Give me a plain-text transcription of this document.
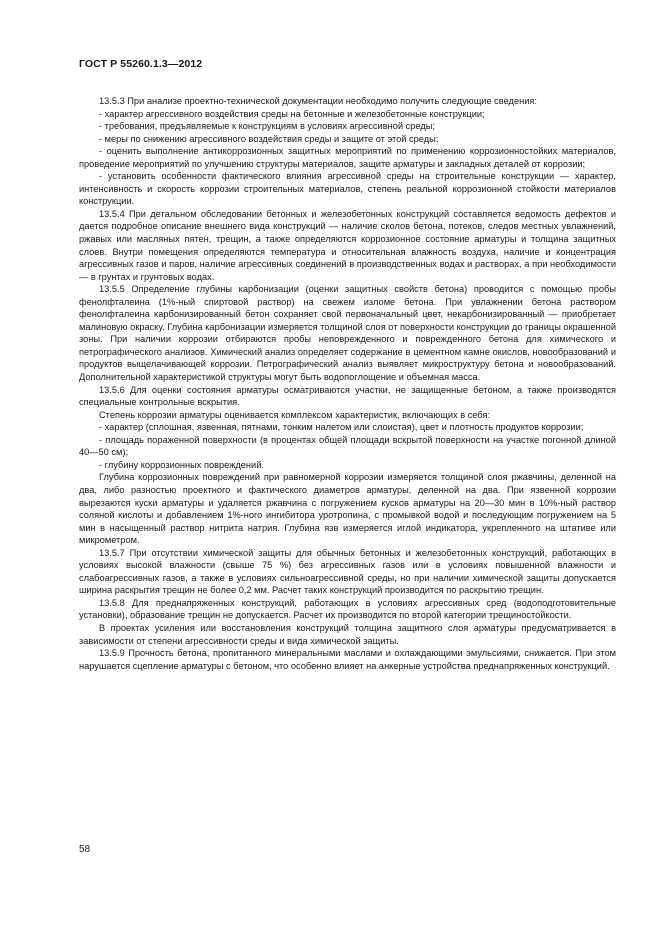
ГОСТ Р 55260.1.3—2012

13.5.3 При анализе проектно-технической документации необходимо получить следующие сведения:

- характер агрессивного воздействия среды на бетонные и железобетонные конструкции;

- требования, предъявляемые к конструкциям в условиях агрессивной среды;

- меры по снижению агрессивного воздействия среды и защите от этой среды;

- оценить выполнение антикоррозионных защитных мероприятий по применению коррозионностойких материалов, проведение мероприятий по улучшению структуры материалов, защите арматуры и закладных деталей от коррозии;

- установить особенности фактического влияния агрессивной среды на строительные конструкции — характер, интенсивность и скорость коррозии строительных материалов, степень реальной коррозионной стойкости материалов конструкции.

13.5.4 При детальном обследовании бетонных и железобетонных конструкций составляется ведомость дефектов и дается подробное описание внешнего вида конструкций — наличие сколов бетона, потеков, следов местных увлажнений, ржавых или масляных пятен, трещин, а также определяются коррозионное состояние арматуры и толщина защитных слоев. Внутри помещения определяются температура и относительная влажность воздуха, наличие и концентрация агрессивных газов и паров, наличие агрессивных соединений в производственных водах и растворах, а при необходимости — в грунтах и грунтовых водах.

13.5.5 Определение глубины карбонизации (оценки защитных свойств бетона) проводится с помощью пробы фенолфталеина (1%-ный спиртовой раствор) на свежем изломе бетона. При увлажнении бетона раствором фенолфталеина карбонизированный бетон сохраняет свой первоначальный цвет, некарбонизированный — приобретает малиновую окраску. Глубина карбонизации измеряется толщиной слоя от поверхности конструкции до границы окрашенной зоны. При наличии коррозии отбираются пробы неповрежденного и поврежденного бетона для химического и петрографического анализов. Химический анализ определяет содержание в цементном камне окислов, новообразований и продуктов выщелачивающей коррозии. Петрографический анализ выявляет микроструктуру бетона и новообразований. Дополнительной характеристикой структуры могут быть водопоглощение и объемная масса.

13.5.6 Для оценки состояния арматуры осматриваются участки, не защищенные бетоном, а также производятся специальные контрольные вскрытия.

Степень коррозии арматуры оценивается комплексом характеристик, включающих в себя:

- характер (сплошная, язвенная, пятнами, тонким налетом или слоистая), цвет и плотность продуктов коррозии;

- площадь пораженной поверхности (в процентах общей площади вскрытой поверхности на участке погонной длиной 40—50 см);

- глубину коррозионных повреждений.

Глубина коррозионных повреждений при равномерной коррозии измеряется толщиной слоя ржавчины, деленной на два, либо разностью проектного и фактического диаметров арматуры, деленной на два. При язвенной коррозии вырезаются куски арматуры и удаляется ржавчина с погружением кусков арматуры на 20—30 мин в 10%-ный раствор соляной кислоты и добавлением 1%-ного ингибитора уротропина, с промывкой водой и последующим погружением на 5 мин в насыщенный раствор нитрита натрия. Глубина язв измеряется иглой индикатора, укрепленного на штативе или микрометром.

13.5.7 При отсутствии химической защиты для обычных бетонных и железобетонных конструкций, работающих в условиях высокой влажности (свыше 75 %) без агрессивных газов или в условиях повышенной влажности и слабоагрессивных газов, а также в условиях сильноагрессивной среды, но при наличии химической защиты допускается ширина раскрытия трещин не более 0,2 мм. Расчет таких конструкций производится по раскрытию трещин.

13.5.8 Для преднапряженных конструкций, работающих в условиях агрессивных сред (водоподготовительные установки), образование трещин не допускается. Расчет их производится по второй категории трещиностойкости.

В проектах усиления или восстановления конструкций толщина защитного слоя арматуры предусматривается в зависимости от степени агрессивности среды и вида химической защиты.

13.5.9 Прочность бетона, пропитанного минеральными маслами и охлаждающими эмульсиями, снижается. При этом нарушается сцепление арматуры с бетоном, что особенно влияет на анкерные устройства преднапряженных конструкций.

58
